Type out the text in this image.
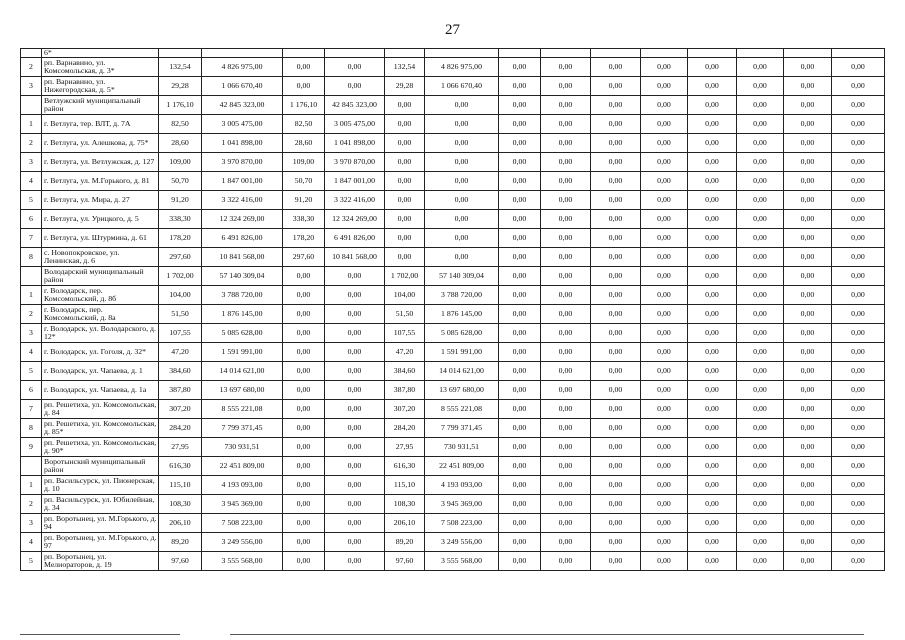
27
	6*														
2	рп. Варнавино, ул. Комсомольская, д. 3*	132,54	4 826 975,00	0,00	0,00	132,54	4 826 975,00	0,00	0,00	0,00	0,00	0,00	0,00	0,00	0,00
3	рп. Варнавино, ул. Нижегородская, д. 5*	29,28	1 066 670,40	0,00	0,00	29,28	1 066 670,40	0,00	0,00	0,00	0,00	0,00	0,00	0,00	0,00
	Ветлужский муниципальный район	1 176,10	42 845 323,00	1 176,10	42 845 323,00	0,00	0,00	0,00	0,00	0,00	0,00	0,00	0,00	0,00	0,00
1	г. Ветлуга, тер. ВЛТ, д. 7А	82,50	3 005 475,00	82,50	3 005 475,00	0,00	0,00	0,00	0,00	0,00	0,00	0,00	0,00	0,00	0,00
2	г. Ветлуга, ул. Алешкова, д. 75*	28,60	1 041 898,00	28,60	1 041 898,00	0,00	0,00	0,00	0,00	0,00	0,00	0,00	0,00	0,00	0,00
3	г. Ветлуга, ул. Ветлужская, д. 127	109,00	3 970 870,00	109,00	3 970 870,00	0,00	0,00	0,00	0,00	0,00	0,00	0,00	0,00	0,00	0,00
4	г. Ветлуга, ул. М.Горького, д. 81	50,70	1 847 001,00	50,70	1 847 001,00	0,00	0,00	0,00	0,00	0,00	0,00	0,00	0,00	0,00	0,00
5	г. Ветлуга, ул. Мира, д. 27	91,20	3 322 416,00	91,20	3 322 416,00	0,00	0,00	0,00	0,00	0,00	0,00	0,00	0,00	0,00	0,00
6	г. Ветлуга, ул. Урицкого, д. 5	338,30	12 324 269,00	338,30	12 324 269,00	0,00	0,00	0,00	0,00	0,00	0,00	0,00	0,00	0,00	0,00
7	г. Ветлуга, ул. Штурмина, д. 61	178,20	6 491 826,00	178,20	6 491 826,00	0,00	0,00	0,00	0,00	0,00	0,00	0,00	0,00	0,00	0,00
8	с. Новопокровское, ул. Ленинская, д. 6	297,60	10 841 568,00	297,60	10 841 568,00	0,00	0,00	0,00	0,00	0,00	0,00	0,00	0,00	0,00	0,00
	Володарский муниципальный район	1 702,00	57 140 309,04	0,00	0,00	1 702,00	57 140 309,04	0,00	0,00	0,00	0,00	0,00	0,00	0,00	0,00
1	г. Володарск, пер. Комсомольский, д. 8б	104,00	3 788 720,00	0,00	0,00	104,00	3 788 720,00	0,00	0,00	0,00	0,00	0,00	0,00	0,00	0,00
2	г. Володарск, пер. Комсомольский, д. 8а	51,50	1 876 145,00	0,00	0,00	51,50	1 876 145,00	0,00	0,00	0,00	0,00	0,00	0,00	0,00	0,00
3	г. Володарск, ул. Володарского, д. 12*	107,55	5 085 628,00	0,00	0,00	107,55	5 085 628,00	0,00	0,00	0,00	0,00	0,00	0,00	0,00	0,00
4	г. Володарск, ул. Гоголя, д. 32*	47,20	1 591 991,00	0,00	0,00	47,20	1 591 991,00	0,00	0,00	0,00	0,00	0,00	0,00	0,00	0,00
5	г. Володарск, ул. Чапаева, д. 1	384,60	14 014 621,00	0,00	0,00	384,60	14 014 621,00	0,00	0,00	0,00	0,00	0,00	0,00	0,00	0,00
6	г. Володарск, ул. Чапаева, д. 1а	387,80	13 697 680,00	0,00	0,00	387,80	13 697 680,00	0,00	0,00	0,00	0,00	0,00	0,00	0,00	0,00
7	рп. Решетиха, ул. Комсомольская, д. 84	307,20	8 555 221,08	0,00	0,00	307,20	8 555 221,08	0,00	0,00	0,00	0,00	0,00	0,00	0,00	0,00
8	рп. Решетиха, ул. Комсомольская, д. 85*	284,20	7 799 371,45	0,00	0,00	284,20	7 799 371,45	0,00	0,00	0,00	0,00	0,00	0,00	0,00	0,00
9	рп. Решетиха, ул. Комсомольская, д. 90*	27,95	730 931,51	0,00	0,00	27,95	730 931,51	0,00	0,00	0,00	0,00	0,00	0,00	0,00	0,00
	Воротынский муниципальный район	616,30	22 451 809,00	0,00	0,00	616,30	22 451 809,00	0,00	0,00	0,00	0,00	0,00	0,00	0,00	0,00
1	рп. Васильсурск, ул. Пионерская, д. 10	115,10	4 193 093,00	0,00	0,00	115,10	4 193 093,00	0,00	0,00	0,00	0,00	0,00	0,00	0,00	0,00
2	рп. Васильсурск, ул. Юбилейная, д. 34	108,30	3 945 369,00	0,00	0,00	108,30	3 945 369,00	0,00	0,00	0,00	0,00	0,00	0,00	0,00	0,00
3	рп. Воротынец, ул. М.Горького, д. 94	206,10	7 508 223,00	0,00	0,00	206,10	7 508 223,00	0,00	0,00	0,00	0,00	0,00	0,00	0,00	0,00
4	рп. Воротынец, ул. М.Горького, д. 97	89,20	3 249 556,00	0,00	0,00	89,20	3 249 556,00	0,00	0,00	0,00	0,00	0,00	0,00	0,00	0,00
5	рп. Воротынец, ул. Мелиораторов, д. 19	97,60	3 555 568,00	0,00	0,00	97,60	3 555 568,00	0,00	0,00	0,00	0,00	0,00	0,00	0,00	0,00
